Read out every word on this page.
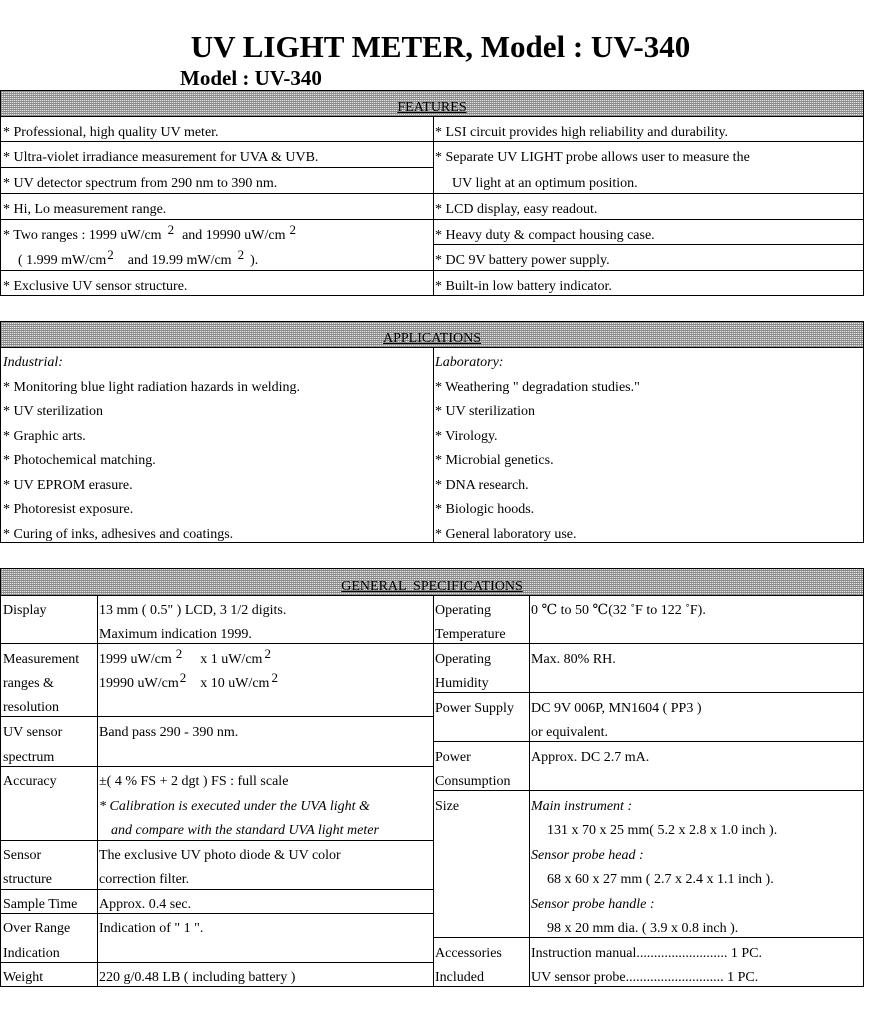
UV LIGHT METER, Model : UV-340
Model : UV-340
FEATURES
* Professional, high quality UV meter.
* Ultra-violet irradiance measurement for UVA & UVB.
* UV detector spectrum from 290 nm to 390 nm.
* Hi, Lo measurement range.
* Two ranges : 1999 uW/cm $^2$ and 19990 uW/cm $^2$
( 1.999 $mW/cm^2$ and 19.99 mW/cm $^2$ ).
* Exclusive UV sensor structure.
* LSI circuit provides high reliability and durability.
* Separate UV LIGHT probe allows user to measure the
UV light at an optimum position.
* LCD display, easy readout.
* Heavy duty & compact housing case.
* DC 9V battery power supply.
* Built-in low battery indicator.
APPLICATIONS
Industrial:
* Monitoring blue light radiation hazards in welding.
* UV sterilization
* Graphic arts.
* Photochemical matching.
* UV EPROM erasure.
* Photoresist exposure.
* Curing of inks, adhesives and coatings.
Laboratory:
* Weathering " degradation studies."
* UV sterilization
* Virology.
* Microbial genetics.
* DNA research.
* Biologic hoods.
* General laboratory use.
GENERAL  SPECIFICATIONS
Display
Measurement
ranges &
resolution
UV sensor
spectrum
Accuracy
Sensor
structure
Sample Time
Over Range
Indication
Weight
13 mm ( 0.5" ) LCD, 3 1/2 digits.
Maximum indication 1999.
1999 uW/cm $^2$ x 1 uW/cm $^2$
19990 $uW/cm^2$ x 10 uW/cm $^2$
Band pass 290 - 390 nm.
±( 4 % FS + 2 dgt ) FS : full scale
* Calibration is executed under the UVA light &
and compare with the standard UVA light meter
The exclusive UV photo diode & UV color
correction filter.
Approx. 0.4 sec.
Indication of " 1 ".
220 g/0.48 LB ( including battery )
Operating
Temperature
Operating
Humidity
Power Supply
Power
Consumption
Size
Accessories
Included
0 ℃ to 50 ℃(32 ˚F to 122 ˚F).
Max. 80% RH.
DC 9V 006P, MN1604 ( PP3 )
or equivalent.
Approx. DC 2.7 mA.
Main instrument :
131 x 70 x 25 mm( 5.2 x 2.8 x 1.0 inch ).
Sensor probe head :
68 x 60 x 27 mm ( 2.7 x 2.4 x 1.1 inch ).
Sensor probe handle :
98 x 20 mm dia. ( 3.9 x 0.8 inch ).
Instruction manual.......................... 1 PC.
UV sensor probe............................ 1 PC.
